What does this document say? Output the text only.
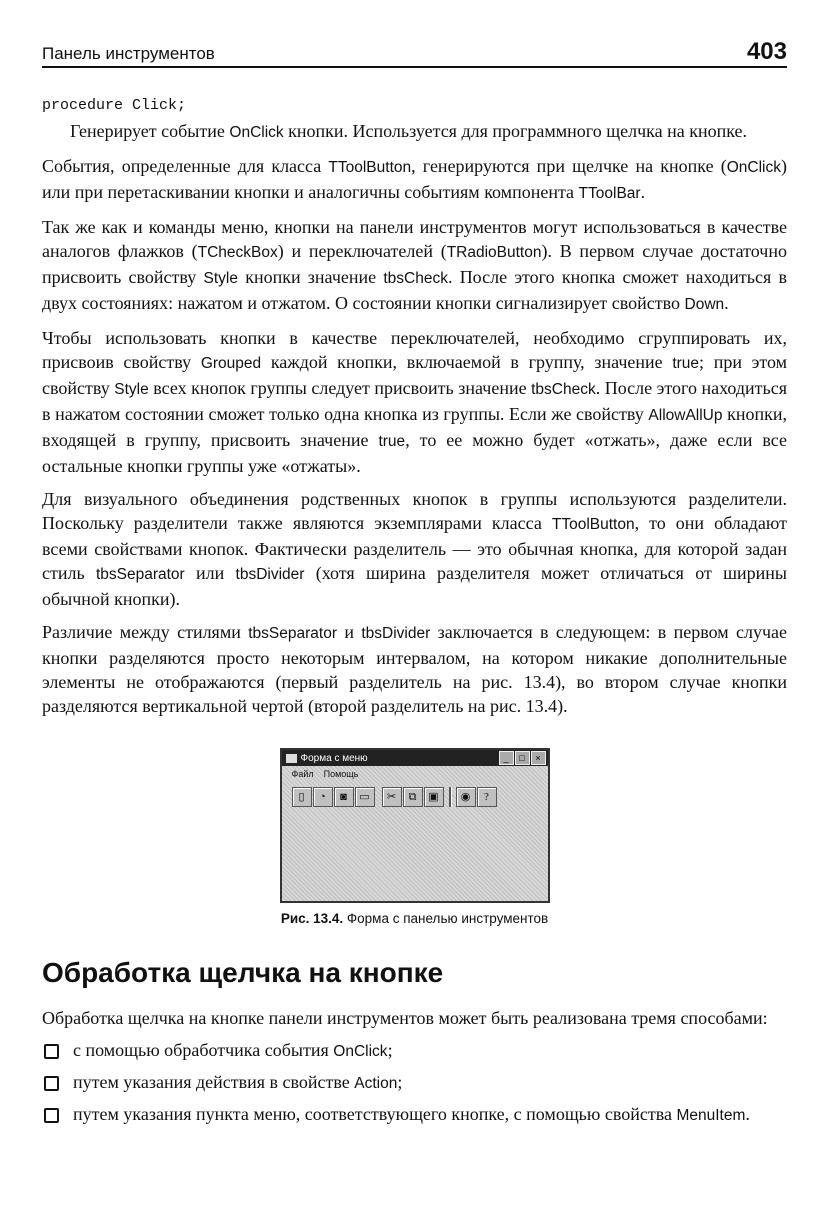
Панель инструментов	403
procedure Click;

Генерирует событие OnClick кнопки. Используется для программного щелчка на кнопке.

События, определенные для класса TToolButton, генерируются при щелчке на кнопке (OnClick) или при перетаскивании кнопки и аналогичны событиям компонента TToolBar.

Так же как и команды меню, кнопки на панели инструментов могут использоваться в качестве аналогов флажков (TCheckBox) и переключателей (TRadioButton). В первом случае достаточно присвоить свойству Style кнопки значение tbsCheck. После этого кнопка сможет находиться в двух состояниях: нажатом и отжатом. О состоянии кнопки сигнализирует свойство Down.

Чтобы использовать кнопки в качестве переключателей, необходимо сгруппировать их, присвоив свойству Grouped каждой кнопки, включаемой в группу, значение true; при этом свойству Style всех кнопок группы следует присвоить значение tbsCheck. После этого находиться в нажатом состоянии сможет только одна кнопка из группы. Если же свойству AllowAllUp кнопки, входящей в группу, присвоить значение true, то ее можно будет «отжать», даже если все остальные кнопки группы уже «отжаты».

Для визуального объединения родственных кнопок в группы используются разделители. Поскольку разделители также являются экземплярами класса TToolButton, то они обладают всеми свойствами кнопок. Фактически разделитель — это обычная кнопка, для которой задан стиль tbsSeparator или tbsDivider (хотя ширина разделителя может отличаться от ширины обычной кнопки).

Различие между стилями tbsSeparator и tbsDivider заключается в следующем: в первом случае кнопки разделяются просто некоторым интервалом, на котором никакие дополнительные элементы не отображаются (первый разделитель на рис. 13.4), во втором случае кнопки разделяются вертикальной чертой (второй разделитель на рис. 13.4).

Форма с меню	_	□	×
Файл Помощь
▯	◔	◙	▭	✂	⧉	▣	◉	?
Рис. 13.4. Форма с панелью инструментов
Обработка щелчка на кнопке

Обработка щелчка на кнопке панели инструментов может быть реализована тремя способами:

с помощью обработчика события OnClick;
путем указания действия в свойстве Action;
путем указания пункта меню, соответствующего кнопке, с помощью свойства MenuItem.
